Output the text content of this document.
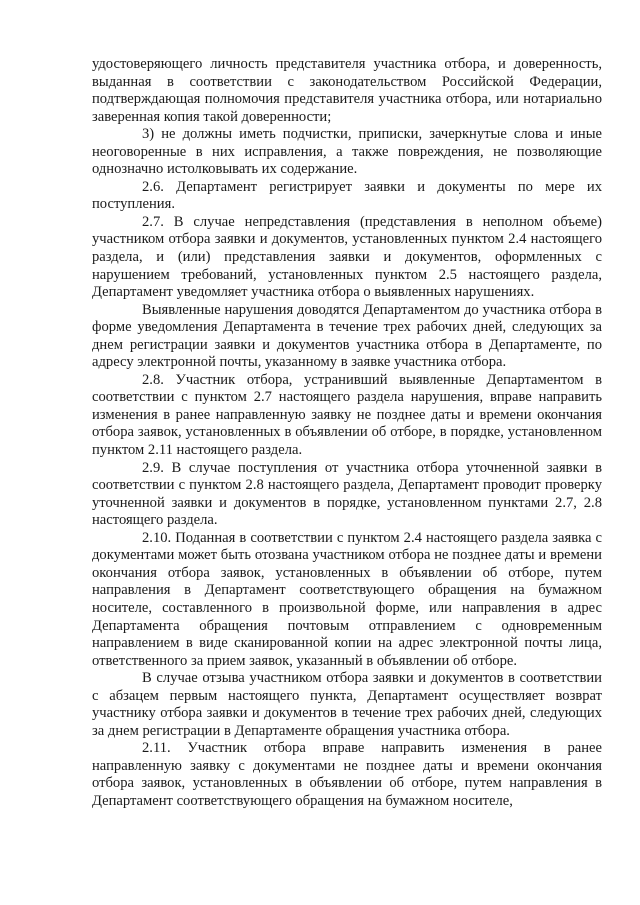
удостоверяющего личность представителя участника отбора, и доверенность, выданная в соответствии с законодательством Российской Федерации, подтверждающая полномочия представителя участника отбора, или нотариально заверенная копия такой доверенности;

3) не должны иметь подчистки, приписки, зачеркнутые слова и иные неоговоренные в них исправления, а также повреждения, не позволяющие однозначно истолковывать их содержание.

2.6. Департамент регистрирует заявки и документы по мере их поступления.

2.7. В случае непредставления (представления в неполном объеме) участником отбора заявки и документов, установленных пунктом 2.4 настоящего раздела, и (или) представления заявки и документов, оформленных с нарушением требований, установленных пунктом 2.5 настоящего раздела, Департамент уведомляет участника отбора о выявленных нарушениях.

Выявленные нарушения доводятся Департаментом до участника отбора в форме уведомления Департамента в течение трех рабочих дней, следующих за днем регистрации заявки и документов участника отбора в Департаменте, по адресу электронной почты, указанному в заявке участника отбора.

2.8. Участник отбора, устранивший выявленные Департаментом в соответствии с пунктом 2.7 настоящего раздела нарушения, вправе направить изменения в ранее направленную заявку не позднее даты и времени окончания отбора заявок, установленных в объявлении об отборе, в порядке, установленном пунктом 2.11 настоящего раздела.

2.9. В случае поступления от участника отбора уточненной заявки в соответствии с пунктом 2.8 настоящего раздела, Департамент проводит проверку уточненной заявки и документов в порядке, установленном пунктами 2.7, 2.8 настоящего раздела.

2.10. Поданная в соответствии с пунктом 2.4 настоящего раздела заявка с документами может быть отозвана участником отбора не позднее даты и времени окончания отбора заявок, установленных в объявлении об отборе, путем направления в Департамент соответствующего обращения на бумажном носителе, составленного в произвольной форме, или направления в адрес Департамента обращения почтовым отправлением с одновременным направлением в виде сканированной копии на адрес электронной почты лица, ответственного за прием заявок, указанный в объявлении об отборе.

В случае отзыва участником отбора заявки и документов в соответствии с абзацем первым настоящего пункта, Департамент осуществляет возврат участнику отбора заявки и документов в течение трех рабочих дней, следующих за днем регистрации в Департаменте обращения участника отбора.

2.11. Участник отбора вправе направить изменения в ранее направленную заявку с документами не позднее даты и времени окончания отбора заявок, установленных в объявлении об отборе, путем направления в Департамент соответствующего обращения на бумажном носителе,
